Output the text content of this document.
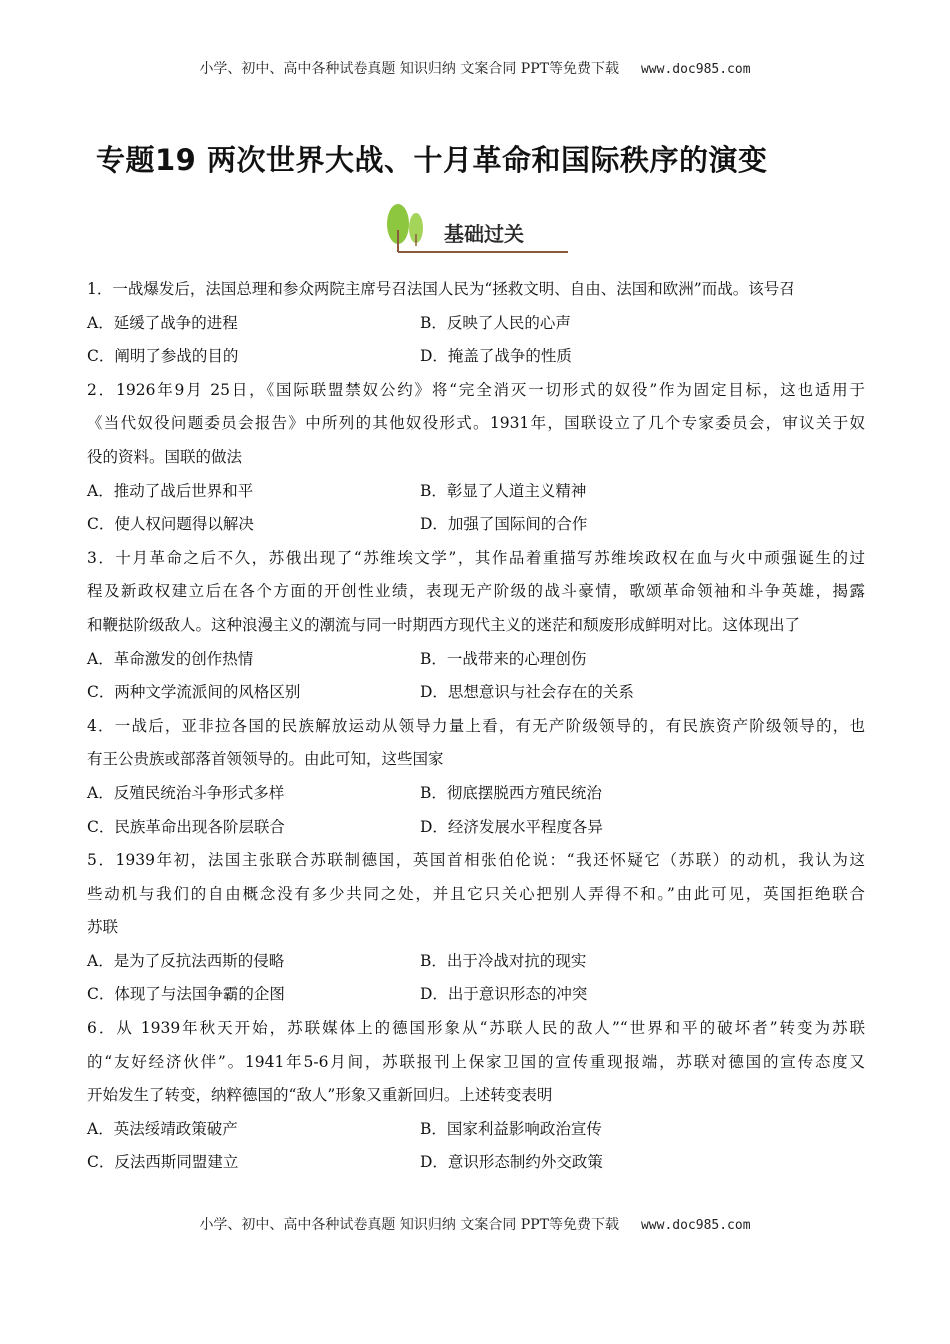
小学、初中、高中各种试卷真题 知识归纳 文案合同 PPT等免费下载 www.doc985.com
专题19 两次世界大战、十月革命和国际秩序的演变
基础过关
1．一战爆发后，法国总理和参众两院主席号召法国人民为“拯救文明、自由、法国和欧洲”而战。该号召
A．延缓了战争的进程	B．反映了人民的心声
C．阐明了参战的目的	D．掩盖了战争的性质
2．1926年9月 25日，《国际联盟禁奴公约》将“完全消灭一切形式的奴役”作为固定目标，这也适用于
《当代奴役问题委员会报告》中所列的其他奴役形式。1931年，国联设立了几个专家委员会，审议关于奴
役的资料。国联的做法
A．推动了战后世界和平	B．彰显了人道主义精神
C．使人权问题得以解决	D．加强了国际间的合作
3．十月革命之后不久，苏俄出现了“苏维埃文学”，其作品着重描写苏维埃政权在血与火中顽强诞生的过
程及新政权建立后在各个方面的开创性业绩，表现无产阶级的战斗豪情，歌颂革命领袖和斗争英雄，揭露
和鞭挞阶级敌人。这种浪漫主义的潮流与同一时期西方现代主义的迷茫和颓废形成鲜明对比。这体现出了
A．革命激发的创作热情	B．一战带来的心理创伤
C．两种文学流派间的风格区别	D．思想意识与社会存在的关系
4．一战后，亚非拉各国的民族解放运动从领导力量上看，有无产阶级领导的，有民族资产阶级领导的，也
有王公贵族或部落首领领导的。由此可知，这些国家
A．反殖民统治斗争形式多样	B．彻底摆脱西方殖民统治
C．民族革命出现各阶层联合	D．经济发展水平程度各异
5．1939年初，法国主张联合苏联制德国，英国首相张伯伦说：“我还怀疑它（苏联）的动机，我认为这
些动机与我们的自由概念没有多少共同之处，并且它只关心把别人弄得不和。”由此可见，英国拒绝联合
苏联
A．是为了反抗法西斯的侵略	B．出于冷战对抗的现实
C．体现了与法国争霸的企图	D．出于意识形态的冲突
6．从 1939年秋天开始，苏联媒体上的德国形象从“苏联人民的敌人”“世界和平的破坏者”转变为苏联
的“友好经济伙伴”。1941年5-6月间，苏联报刊上保家卫国的宣传重现报端，苏联对德国的宣传态度又
开始发生了转变，纳粹德国的“敌人”形象又重新回归。上述转变表明
A．英法绥靖政策破产	B．国家利益影响政治宣传
C．反法西斯同盟建立	D．意识形态制约外交政策
小学、初中、高中各种试卷真题 知识归纳 文案合同 PPT等免费下载 www.doc985.com
